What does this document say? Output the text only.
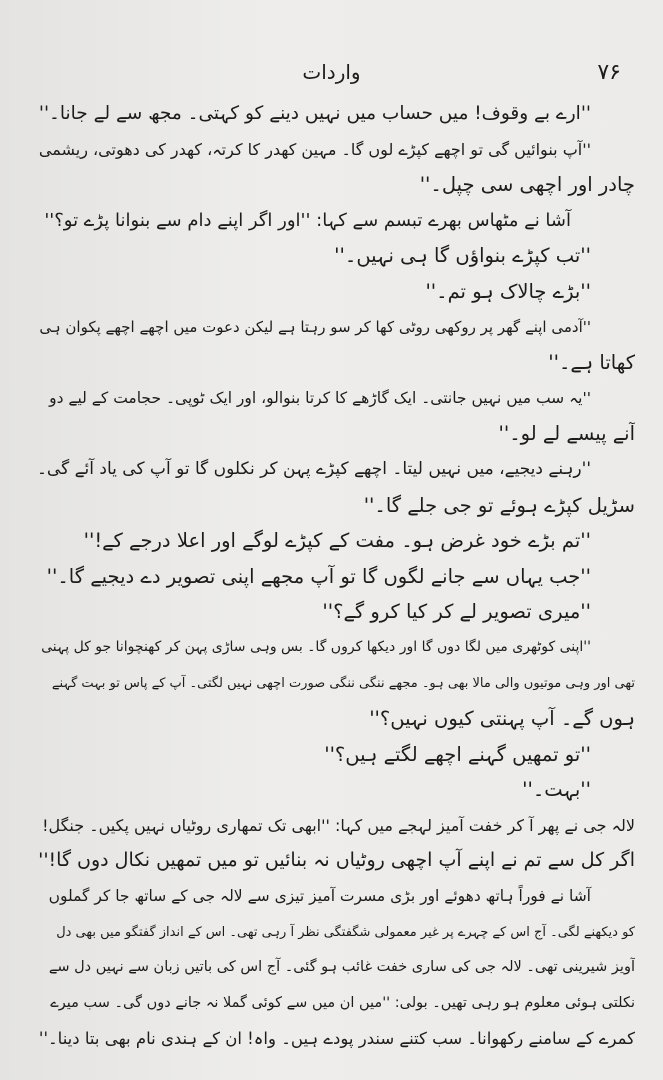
۷۶
واردات
''ارے بے وقوف! میں حساب میں نہیں دینے کو کہتی۔ مجھ سے لے جانا۔''
''آپ بنوائیں گی تو اچھے کپڑے لوں گا۔ مہین کھدر کا کرتہ، کھدر کی دھوتی، ریشمی
چادر اور اچھی سی چپل۔''
آشا نے مٹھاس بھرے تبسم سے کہا: ''اور اگر اپنے دام سے بنوانا پڑے تو؟''
''تب کپڑے بنواؤں گا ہی نہیں۔''
''بڑے چالاک ہو تم۔''
''آدمی اپنے گھر پر روکھی روٹی کھا کر سو رہتا ہے لیکن دعوت میں اچھے اچھے پکوان ہی
کھاتا ہے۔''
''یہ سب میں نہیں جانتی۔ ایک گاڑھے کا کرتا بنوالو، اور ایک ٹوپی۔ حجامت کے لیے دو
آنے پیسے لے لو۔''
''رہنے دیجیے، میں نہیں لیتا۔ اچھے کپڑے پہن کر نکلوں گا تو آپ کی یاد آئے گی۔
سڑیل کپڑے ہوئے تو جی جلے گا۔''
''تم بڑے خود غرض ہو۔ مفت کے کپڑے لوگے اور اعلا درجے کے!''
''جب یہاں سے جانے لگوں گا تو آپ مجھے اپنی تصویر دے دیجیے گا۔''
''میری تصویر لے کر کیا کرو گے؟''
''اپنی کوٹھری میں لگا دوں گا اور دیکھا کروں گا۔ بس وہی ساڑی پہن کر کھنچوانا جو کل پہنی
تھی اور وہی موتیوں والی مالا بھی ہو۔ مجھے ننگی ننگی صورت اچھی نہیں لگتی۔ آپ کے پاس تو بہت گہنے
ہوں گے۔ آپ پہنتی کیوں نہیں؟''
''تو تمھیں گہنے اچھے لگتے ہیں؟''
''بہت۔''
لالہ جی نے پھر آ کر خفت آمیز لہجے میں کہا: ''ابھی تک تمھاری روٹیاں نہیں پکیں۔ جنگل!
اگر کل سے تم نے اپنے آپ اچھی روٹیاں نہ بنائیں تو میں تمھیں نکال دوں گا!''
آشا نے فوراً ہاتھ دھوئے اور بڑی مسرت آمیز تیزی سے لالہ جی کے ساتھ جا کر گملوں
کو دیکھنے لگی۔ آج اس کے چہرے پر غیر معمولی شگفتگی نظر آ رہی تھی۔ اس کے انداز گفتگو میں بھی دل
آویز شیرینی تھی۔ لالہ جی کی ساری خفت غائب ہو گئی۔ آج اس کی باتیں زبان سے نہیں دل سے
نکلتی ہوئی معلوم ہو رہی تھیں۔ بولی: ''میں ان میں سے کوئی گملا نہ جانے دوں گی۔ سب میرے
کمرے کے سامنے رکھوانا۔ سب کتنے سندر پودے ہیں۔ واہ! ان کے ہندی نام بھی بتا دینا۔''
